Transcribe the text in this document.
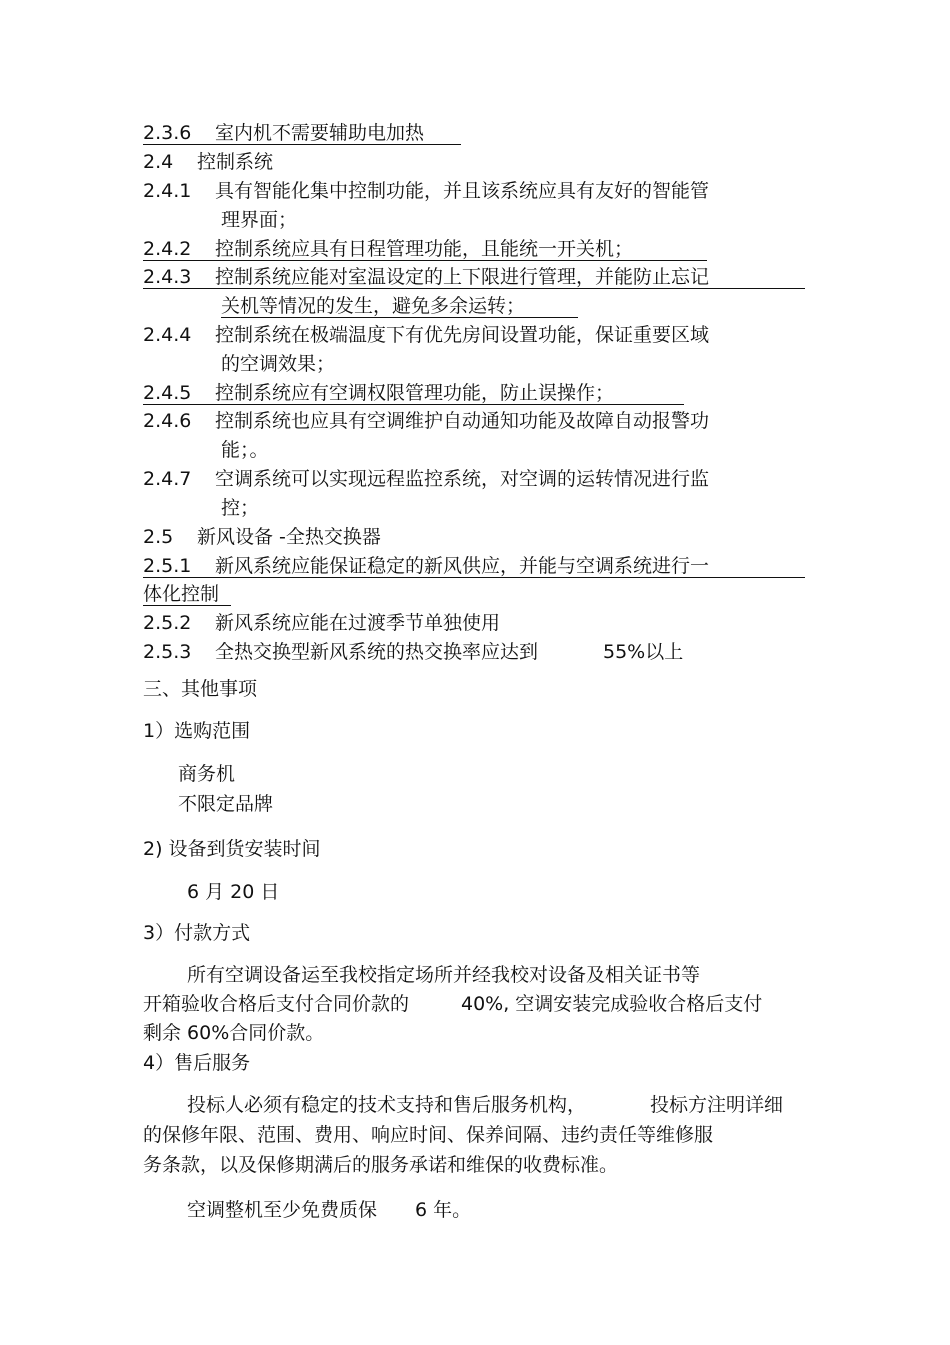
2.3.6 室内机不需要辅助电加热
2.4 控制系统
2.4.1 具有智能化集中控制功能，并且该系统应具有友好的智能管
理界面；
2.4.2 控制系统应具有日程管理功能，且能统一开关机；
2.4.3 控制系统应能对室温设定的上下限进行管理，并能防止忘记
关机等情况的发生，避免多余运转；
2.4.4 控制系统在极端温度下有优先房间设置功能，保证重要区域
的空调效果；
2.4.5 控制系统应有空调权限管理功能，防止误操作；
2.4.6 控制系统也应具有空调维护自动通知功能及故障自动报警功
能；。
2.4.7 空调系统可以实现远程监控系统，对空调的运转情况进行监
控；
2.5 新风设备 -全热交换器
2.5.1 新风系统应能保证稳定的新风供应，并能与空调系统进行一
体化控制
2.5.2 新风系统应能在过渡季节单独使用
2.5.3 全热交换型新风系统的热交换率应达到	55%以上
三、其他事项
1）选购范围
商务机
不限定品牌
2) 设备到货安装时间
6 月 20 日
3）付款方式
所有空调设备运至我校指定场所并经我校对设备及相关证书等
开箱验收合格后支付合同价款的	40%, 空调安装完成验收合格后支付
剩余 60%合同价款。
4）售后服务
投标人必须有稳定的技术支持和售后服务机构，	投标方注明详细
的保修年限、范围、费用、响应时间、保养间隔、违约责任等维修服
务条款，以及保修期满后的服务承诺和维保的收费标准。
空调整机至少免费质保 6 年。
